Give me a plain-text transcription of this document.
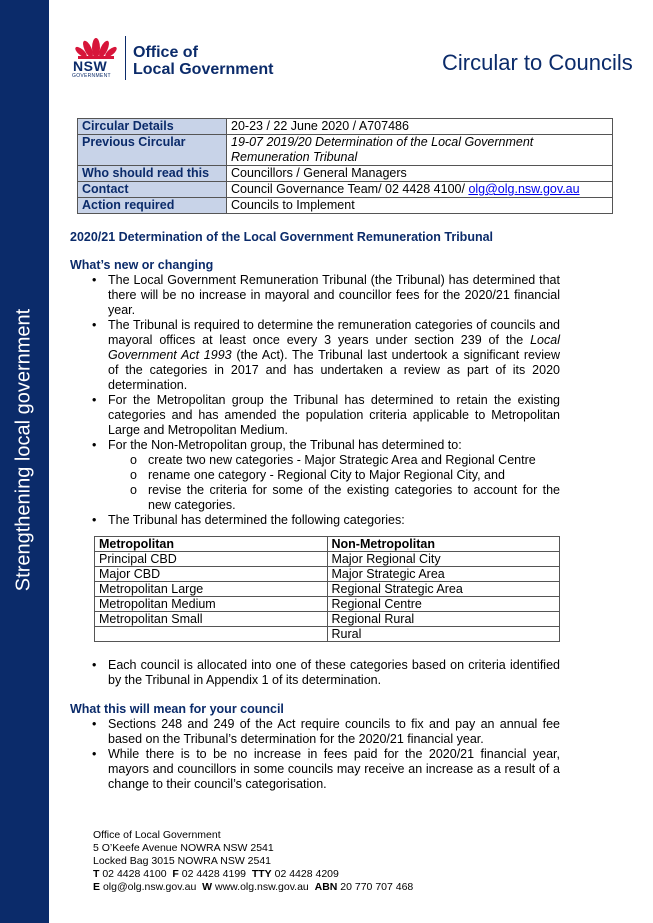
Strengthening local government
NSW
GOVERNMENT
Office of
Local Government	Circular to Councils
Circular Details	20-23 / 22 June 2020 / A707486
Previous Circular	19-07 2019/20 Determination of the Local Government Remuneration Tribunal
Who should read this	Councillors / General Managers
Contact	Council Governance Team/ 02 4428 4100/ olg@olg.nsw.gov.au
Action required	Councils to Implement
2020/21 Determination of the Local Government Remuneration Tribunal
What’s new or changing

• The Local Government Remuneration Tribunal (the Tribunal) has determined that there will be no increase in mayoral and councillor fees for the 2020/21 financial year.

• The Tribunal is required to determine the remuneration categories of councils and mayoral offices at least once every 3 years under section 239 of the Local Government Act 1993 (the Act). The Tribunal last undertook a significant review of the categories in 2017 and has undertaken a review as part of its 2020 determination.

• For the Metropolitan group the Tribunal has determined to retain the existing categories and has amended the population criteria applicable to Metropolitan Large and Metropolitan Medium.

• For the Non-Metropolitan group, the Tribunal has determined to:

o create two new categories - Major Strategic Area and Regional Centre

o rename one category - Regional City to Major Regional City, and

o revise the criteria for some of the existing categories to account for the new categories.

• The Tribunal has determined the following categories:

Metropolitan	Non-Metropolitan
Principal CBD	Major Regional City
Major CBD	Major Strategic Area
Metropolitan Large	Regional Strategic Area
Metropolitan Medium	Regional Centre
Metropolitan Small	Regional Rural
	Rural

• Each council is allocated into one of these categories based on criteria identified by the Tribunal in Appendix 1 of its determination.

What this will mean for your council

• Sections 248 and 249 of the Act require councils to fix and pay an annual fee based on the Tribunal’s determination for the 2020/21 financial year.

• While there is to be no increase in fees paid for the 2020/21 financial year, mayors and councillors in some councils may receive an increase as a result of a change to their council’s categorisation.

Office of Local Government
5 O’Keefe Avenue NOWRA NSW 2541
Locked Bag 3015 NOWRA NSW 2541
T 02 4428 4100 F 02 4428 4199 TTY 02 4428 4209
E olg@olg.nsw.gov.au W www.olg.nsw.gov.au ABN 20 770 707 468
